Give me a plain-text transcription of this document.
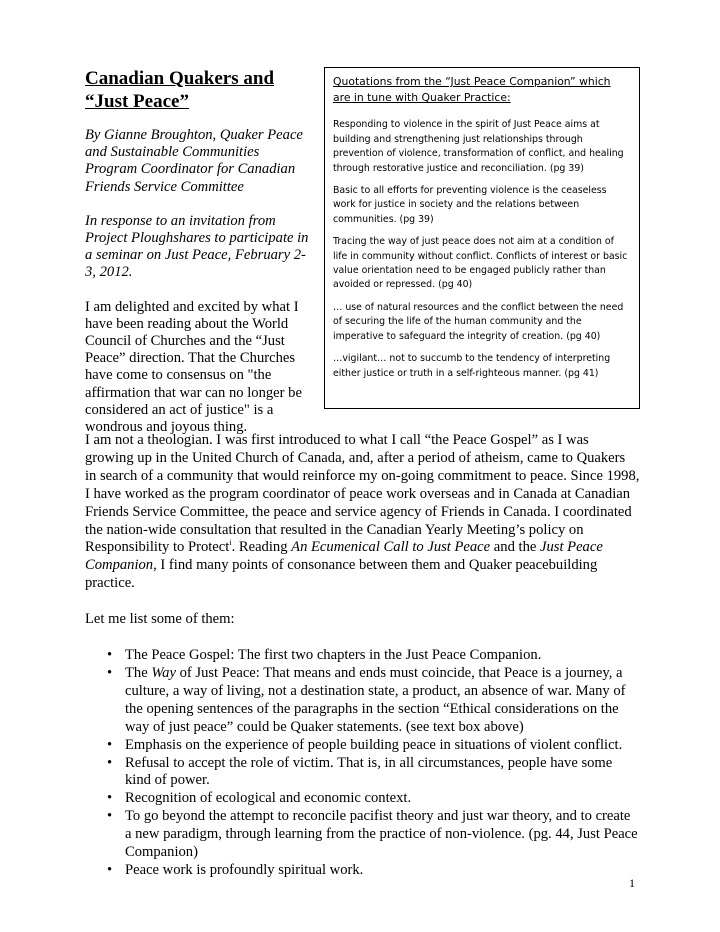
Canadian Quakers and
“Just Peace”

By Gianne Broughton, Quaker Peace and Sustainable Communities Program Coordinator for Canadian Friends Service Committee

In response to an invitation from Project Ploughshares to participate in a seminar on Just Peace, February 2-3, 2012.

I am delighted and excited by what I have been reading about the World Council of Churches and the “Just Peace” direction. That the Churches have come to consensus on "the affirmation that war can no longer be considered an act of justice" is a wondrous and joyous thing.

Quotations from the “Just Peace Companion” which are in tune with Quaker Practice:

Responding to violence in the spirit of Just Peace aims at building and strengthening just relationships through prevention of violence, transformation of conflict, and healing through restorative justice and reconciliation. (pg 39)

Basic to all efforts for preventing violence is the ceaseless work for justice in society and the relations between communities. (pg 39)

Tracing the way of just peace does not aim at a condition of life in community without conflict. Conflicts of interest or basic value orientation need to be engaged publicly rather than avoided or repressed. (pg 40)

… use of natural resources and the conflict between the need of securing the life of the human community and the imperative to safeguard the integrity of creation. (pg 40)

…vigilant… not to succumb to the tendency of interpreting either justice or truth in a self-righteous manner. (pg 41)

I am not a theologian. I was first introduced to what I call “the Peace Gospel” as I was growing up in the United Church of Canada, and, after a period of atheism, came to Quakers in search of a community that would reinforce my on-going commitment to peace. Since 1998, I have worked as the program coordinator of peace work overseas and in Canada at Canadian Friends Service Committee, the peace and service agency of Friends in Canada. I coordinated the nation-wide consultation that resulted in the Canadian Yearly Meeting’s policy on Responsibility to Protect$^i$. Reading An Ecumenical Call to Just Peace and the Just Peace Companion, I find many points of consonance between them and Quaker peacebuilding practice.

Let me list some of them:

• The Peace Gospel: The first two chapters in the Just Peace Companion.
• The Way of Just Peace: That means and ends must coincide, that Peace is a journey, a culture, a way of living, not a destination state, a product, an absence of war. Many of the opening sentences of the paragraphs in the section “Ethical considerations on the way of just peace” could be Quaker statements. (see text box above)
• Emphasis on the experience of people building peace in situations of violent conflict.
• Refusal to accept the role of victim. That is, in all circumstances, people have some kind of power.
• Recognition of ecological and economic context.
• To go beyond the attempt to reconcile pacifist theory and just war theory, and to create a new paradigm, through learning from the practice of non-violence. (pg. 44, Just Peace Companion)
• Peace work is profoundly spiritual work.
1
